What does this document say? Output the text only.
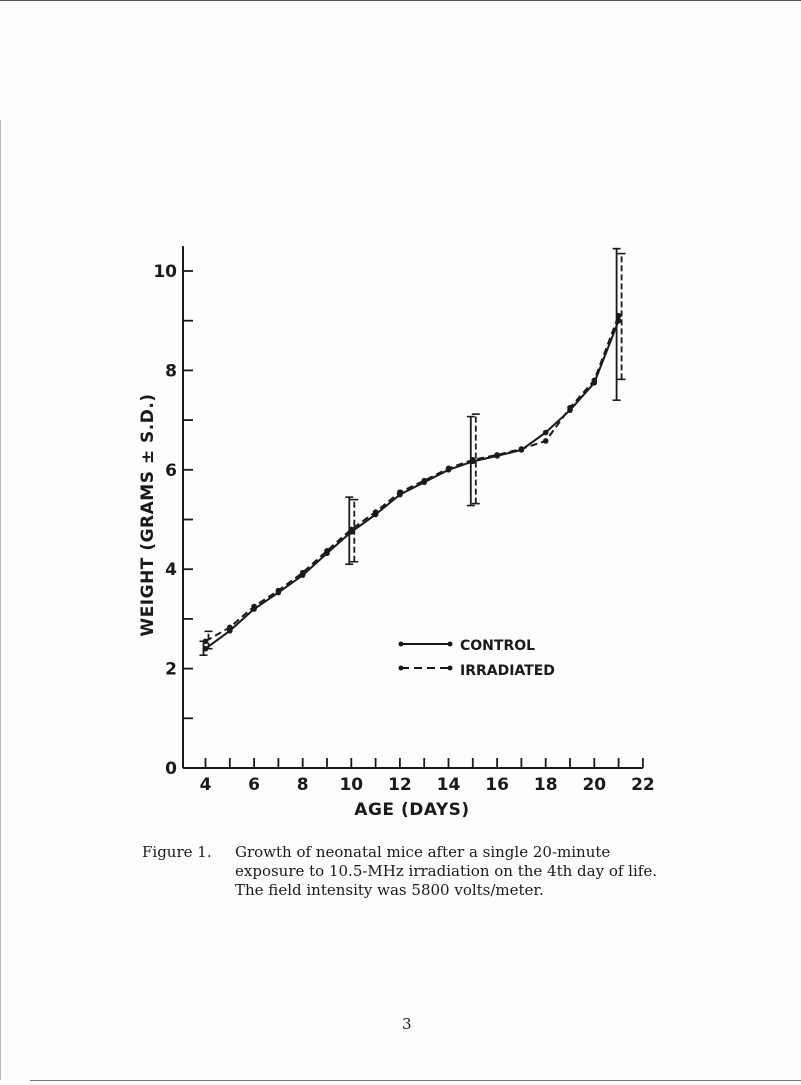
4 6 8 10 12 14 16 18 20 22
0
2
4
6
8
10
AGE (DAYS)
WEIGHT (GRAMS ± S.D.)
CONTROL
IRRADIATED
Figure 1. Growth of neonatal mice after a single 20-minute exposure to 10.5-MHz irradiation on the 4th day of life. The field intensity was 5800 volts/meter.
3
